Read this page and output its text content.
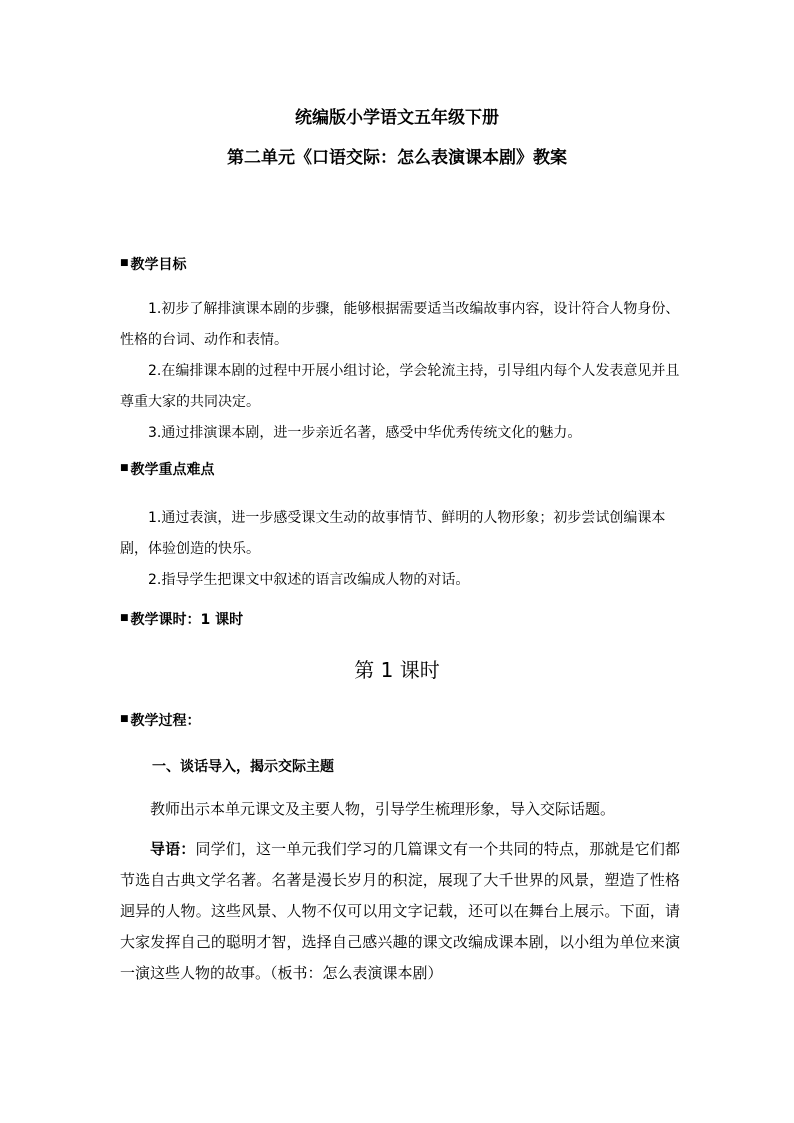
统编版小学语文五年级下册
第二单元《口语交际：怎么表演课本剧》教案
■ 教学目标
1.初步了解排演课本剧的步骤，能够根据需要适当改编故事内容，设计符合人物身份、性格的台词、动作和表情。
2.在编排课本剧的过程中开展小组讨论，学会轮流主持，引导组内每个人发表意见并且尊重大家的共同决定。
3.通过排演课本剧，进一步亲近名著，感受中华优秀传统文化的魅力。
■ 教学重点难点
1.通过表演，进一步感受课文生动的故事情节、鲜明的人物形象；初步尝试创编课本剧，体验创造的快乐。
2.指导学生把课文中叙述的语言改编成人物的对话。
■ 教学课时：1 课时
第 1 课时
■ 教学过程：
一、谈话导入，揭示交际主题
教师出示本单元课文及主要人物，引导学生梳理形象，导入交际话题。
导语：同学们，这一单元我们学习的几篇课文有一个共同的特点，那就是它们都节选自古典文学名著。名著是漫长岁月的积淀，展现了大千世界的风景，塑造了性格迥异的人物。这些风景、人物不仅可以用文字记载，还可以在舞台上展示。下面，请大家发挥自己的聪明才智，选择自己感兴趣的课文改编成课本剧，以小组为单位来演一演这些人物的故事。（板书：怎么表演课本剧）
